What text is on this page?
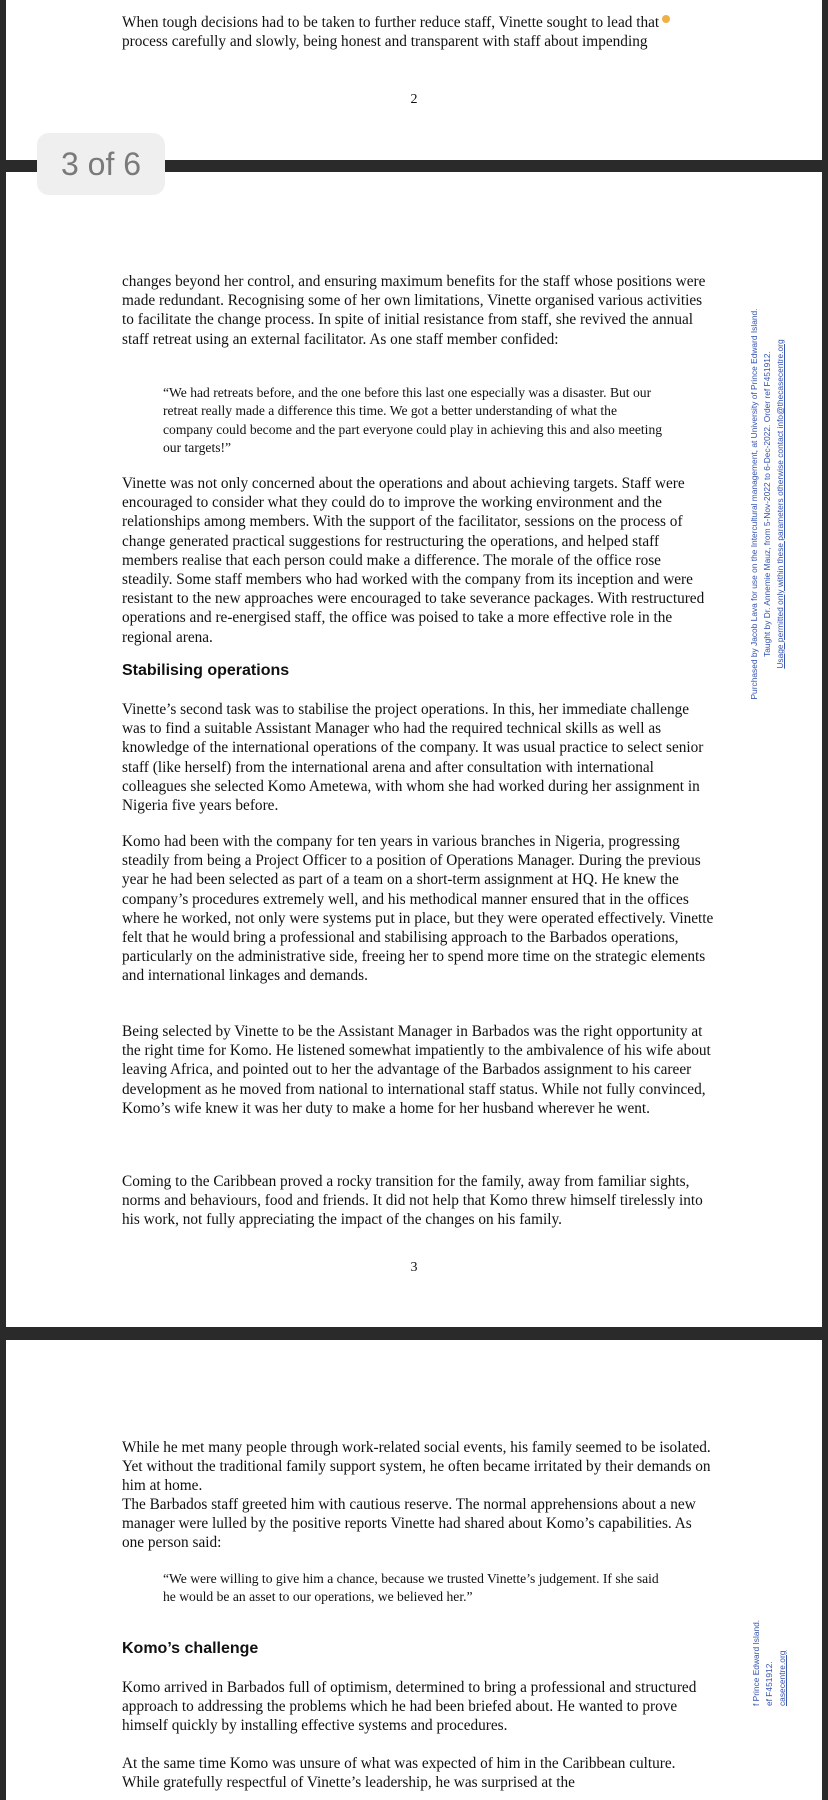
When tough decisions had to be taken to further reduce staff, Vinette sought to lead that

process carefully and slowly, being honest and transparent with staff about impending

2

changes beyond her control, and ensuring maximum benefits for the staff whose positions were made redundant. Recognising some of her own limitations, Vinette organised various activities to facilitate the change process. In spite of initial resistance from staff, she revived the annual staff retreat using an external facilitator. As one staff member confided:

“We had retreats before, and the one before this last one especially was a disaster. But our retreat really made a difference this time. We got a better understanding of what the company could become and the part everyone could play in achieving this and also meeting our targets!”

Vinette was not only concerned about the operations and about achieving targets. Staff were encouraged to consider what they could do to improve the working environment and the relationships among members. With the support of the facilitator, sessions on the process of change generated practical suggestions for restructuring the operations, and helped staff members realise that each person could make a difference. The morale of the office rose steadily. Some staff members who had worked with the company from its inception and were resistant to the new approaches were encouraged to take severance packages. With restructured operations and re-energised staff, the office was poised to take a more effective role in the regional arena.

Stabilising operations

Vinette’s second task was to stabilise the project operations. In this, her immediate challenge was to find a suitable Assistant Manager who had the required technical skills as well as knowledge of the international operations of the company. It was usual practice to select senior staff (like herself) from the international arena and after consultation with international colleagues she selected Komo Ametewa, with whom she had worked during her assignment in Nigeria five years before.

Komo had been with the company for ten years in various branches in Nigeria, progressing steadily from being a Project Officer to a position of Operations Manager. During the previous year he had been selected as part of a team on a short-term assignment at HQ. He knew the company’s procedures extremely well, and his methodical manner ensured that in the offices where he worked, not only were systems put in place, but they were operated effectively. Vinette felt that he would bring a professional and stabilising approach to the Barbados operations, particularly on the administrative side, freeing her to spend more time on the strategic elements and international linkages and demands.

Being selected by Vinette to be the Assistant Manager in Barbados was the right opportunity at the right time for Komo. He listened somewhat impatiently to the ambivalence of his wife about leaving Africa, and pointed out to her the advantage of the Barbados assignment to his career development as he moved from national to international staff status. While not fully convinced, Komo’s wife knew it was her duty to make a home for her husband wherever he went.

Coming to the Caribbean proved a rocky transition for the family, away from familiar sights, norms and behaviours, food and friends. It did not help that Komo threw himself tirelessly into his work, not fully appreciating the impact of the changes on his family.

3
Purchased by Jacob Lava for use on the Intercultural management, at University of Prince Edward Island. Taught by Dr. Annemie Mauz, from 5-Nov-2022 to 6-Dec-2022. Order ref F451912. Usage permitted only within these parameters otherwise contact info@thecasecentre.org

While he met many people through work-related social events, his family seemed to be isolated. Yet without the traditional family support system, he often became irritated by their demands on him at home.

The Barbados staff greeted him with cautious reserve. The normal apprehensions about a new manager were lulled by the positive reports Vinette had shared about Komo’s capabilities. As one person said:

“We were willing to give him a chance, because we trusted Vinette’s judgement. If she said he would be an asset to our operations, we believed her.”

Komo’s challenge

Komo arrived in Barbados full of optimism, determined to bring a professional and structured approach to addressing the problems which he had been briefed about. He wanted to prove himself quickly by installing effective systems and procedures.

At the same time Komo was unsure of what was expected of him in the Caribbean culture. While gratefully respectful of Vinette’s leadership, he was surprised at the

f Prince Edward Island. ef F451912. casecentre.org
3 of 6
